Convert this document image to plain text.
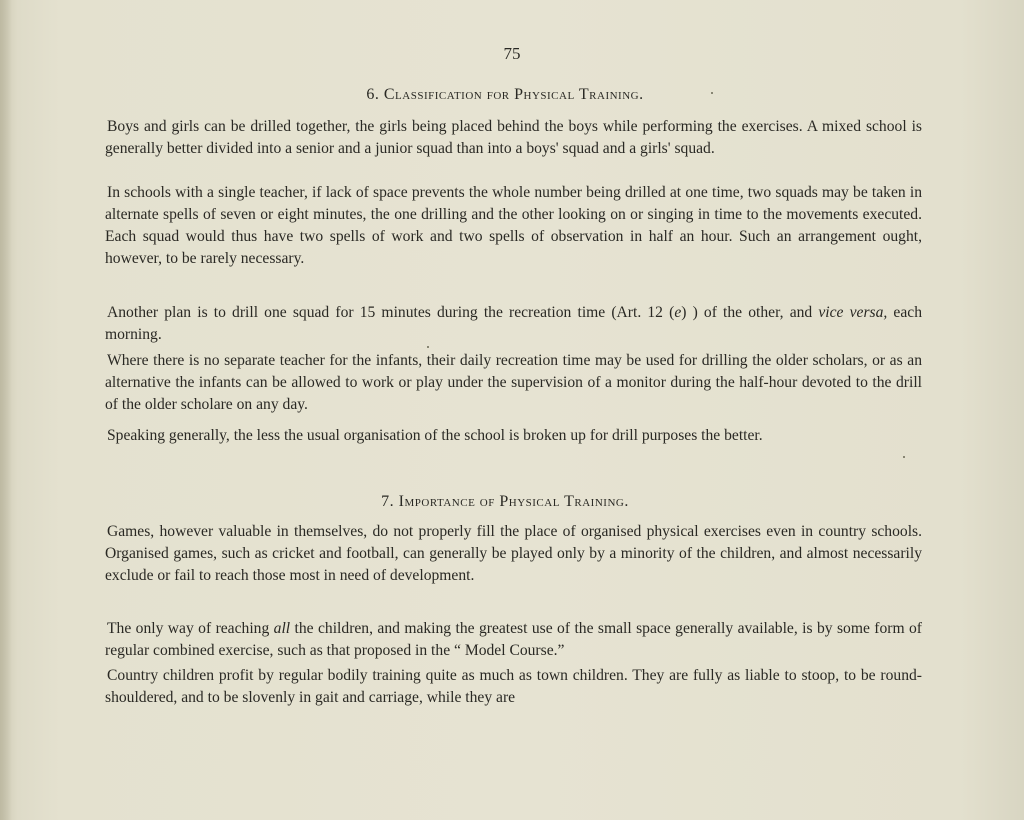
75
6. Classification for Physical Training.

Boys and girls can be drilled together, the girls being placed behind the boys while performing the exercises. A mixed school is generally better divided into a senior and a junior squad than into a boys' squad and a girls' squad.

In schools with a single teacher, if lack of space prevents the whole number being drilled at one time, two squads may be taken in alternate spells of seven or eight minutes, the one drilling and the other looking on or singing in time to the movements executed. Each squad would thus have two spells of work and two spells of observation in half an hour. Such an arrangement ought, however, to be rarely necessary.

Another plan is to drill one squad for 15 minutes during the recreation time (Art. 12 (e) ) of the other, and vice versa, each morning.

Where there is no separate teacher for the infants, their daily recreation time may be used for drilling the older scholars, or as an alternative the infants can be allowed to work or play under the supervision of a monitor during the half-hour devoted to the drill of the older scholare on any day.

Speaking generally, the less the usual organisation of the school is broken up for drill purposes the better.

7. Importance of Physical Training.

Games, however valuable in themselves, do not properly fill the place of organised physical exercises even in country schools. Organised games, such as cricket and football, can generally be played only by a minority of the children, and almost necessarily exclude or fail to reach those most in need of development.

The only way of reaching all the children, and making the greatest use of the small space generally available, is by some form of regular combined exercise, such as that proposed in the “ Model Course.”

Country children profit by regular bodily training quite as much as town children. They are fully as liable to stoop, to be round-shouldered, and to be slovenly in gait and carriage, while they are
